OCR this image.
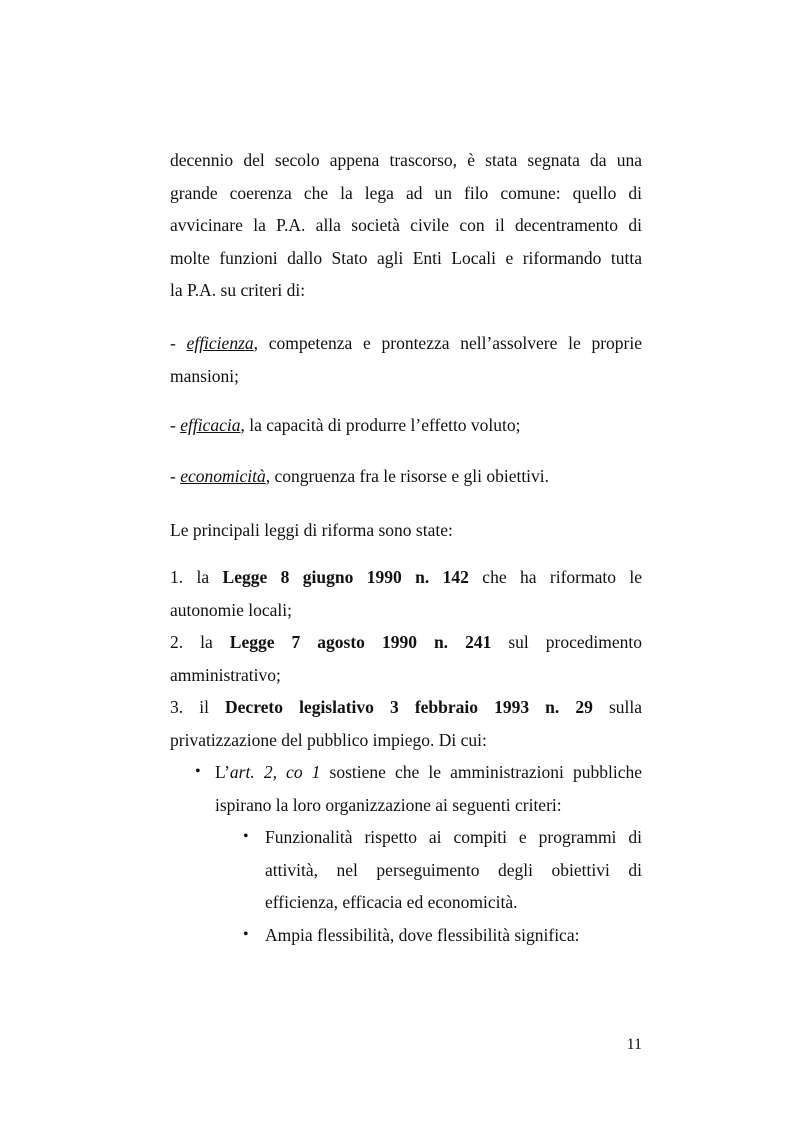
decennio del secolo appena trascorso, è stata segnata da una
grande coerenza che la lega ad un filo comune: quello di
avvicinare la P.A. alla società civile con il decentramento di
molte funzioni dallo Stato agli Enti Locali e riformando tutta
la P.A. su criteri di:
- efficienza, competenza e prontezza nell’assolvere le proprie
mansioni;
- efficacia, la capacità di produrre l’effetto voluto;
- economicità, congruenza fra le risorse e gli obiettivi.
Le principali leggi di riforma sono state:
1. la Legge 8 giugno 1990 n. 142 che ha riformato le
autonomie locali;
2. la Legge 7 agosto 1990 n. 241 sul procedimento
amministrativo;
3. il Decreto legislativo 3 febbraio 1993 n. 29 sulla
privatizzazione del pubblico impiego. Di cui:
• L’art. 2, co 1 sostiene che le amministrazioni pubbliche
ispirano la loro organizzazione ai seguenti criteri:
• Funzionalità rispetto ai compiti e programmi di
attività, nel perseguimento degli obiettivi di
efficienza, efficacia ed economicità.
• Ampia flessibilità, dove flessibilità significa:
11
